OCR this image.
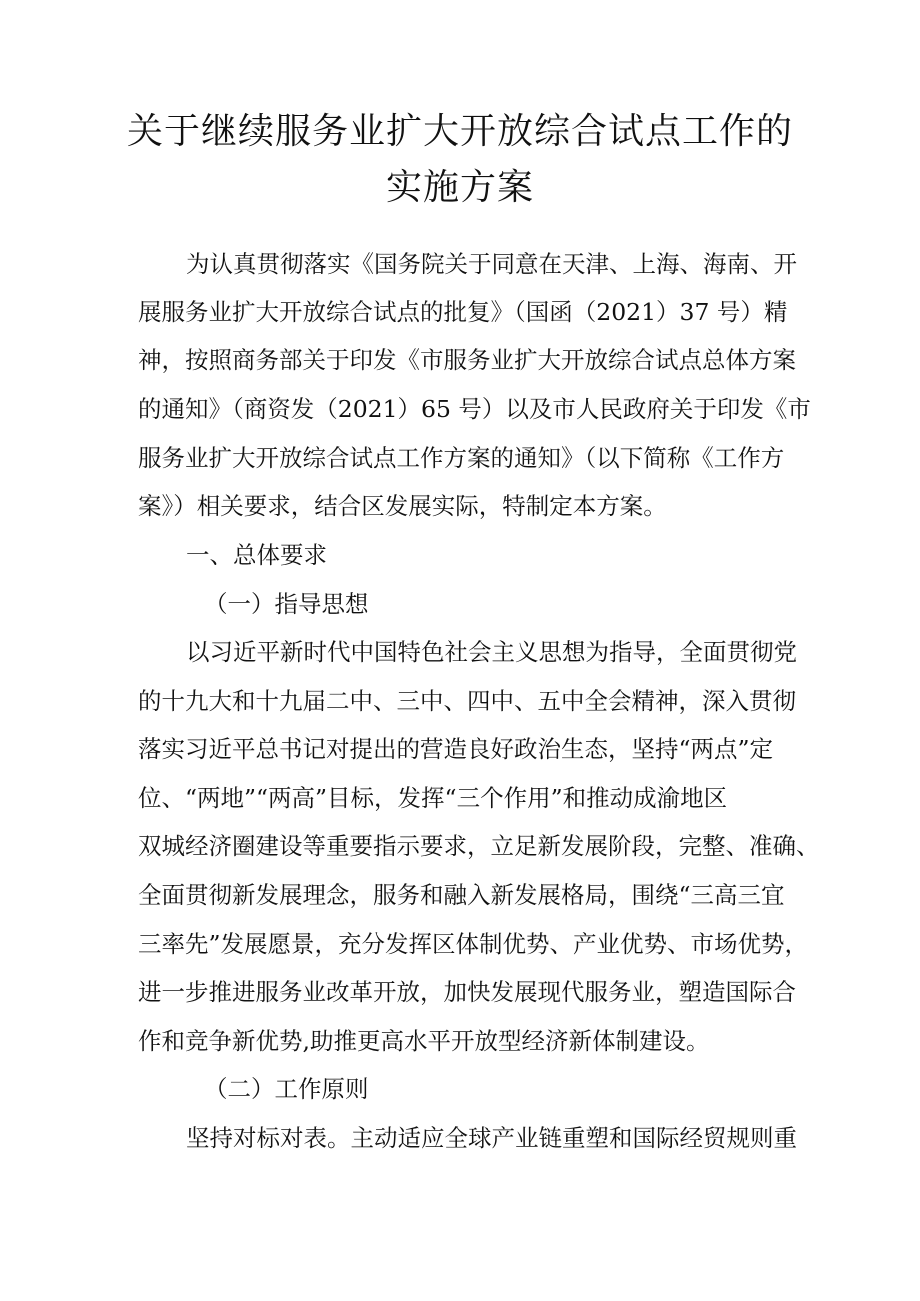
关于继续服务业扩大开放综合试点工作的
实施方案

为认真贯彻落实《国务院关于同意在天津、上海、海南、开

展服务业扩大开放综合试点的批复》（国函（2021）37 号）精

神，按照商务部关于印发《市服务业扩大开放综合试点总体方案

的通知》（商资发（2021）65 号）以及市人民政府关于印发《市

服务业扩大开放综合试点工作方案的通知》（以下简称《工作方

案》）相关要求，结合区发展实际，特制定本方案。

一、总体要求

（一）指导思想

以习近平新时代中国特色社会主义思想为指导，全面贯彻党

的十九大和十九届二中、三中、四中、五中全会精神，深入贯彻

落实习近平总书记对提出的营造良好政治生态，坚持“两点”定

位、“两地”“两高”目标，发挥“三个作用”和推动成渝地区

双城经济圈建设等重要指示要求，立足新发展阶段，完整、准确、

全面贯彻新发展理念，服务和融入新发展格局，围绕“三高三宜

三率先”发展愿景，充分发挥区体制优势、产业优势、市场优势，

进一步推进服务业改革开放，加快发展现代服务业，塑造国际合

作和竞争新优势,助推更高水平开放型经济新体制建设。

（二）工作原则

坚持对标对表。主动适应全球产业链重塑和国际经贸规则重
